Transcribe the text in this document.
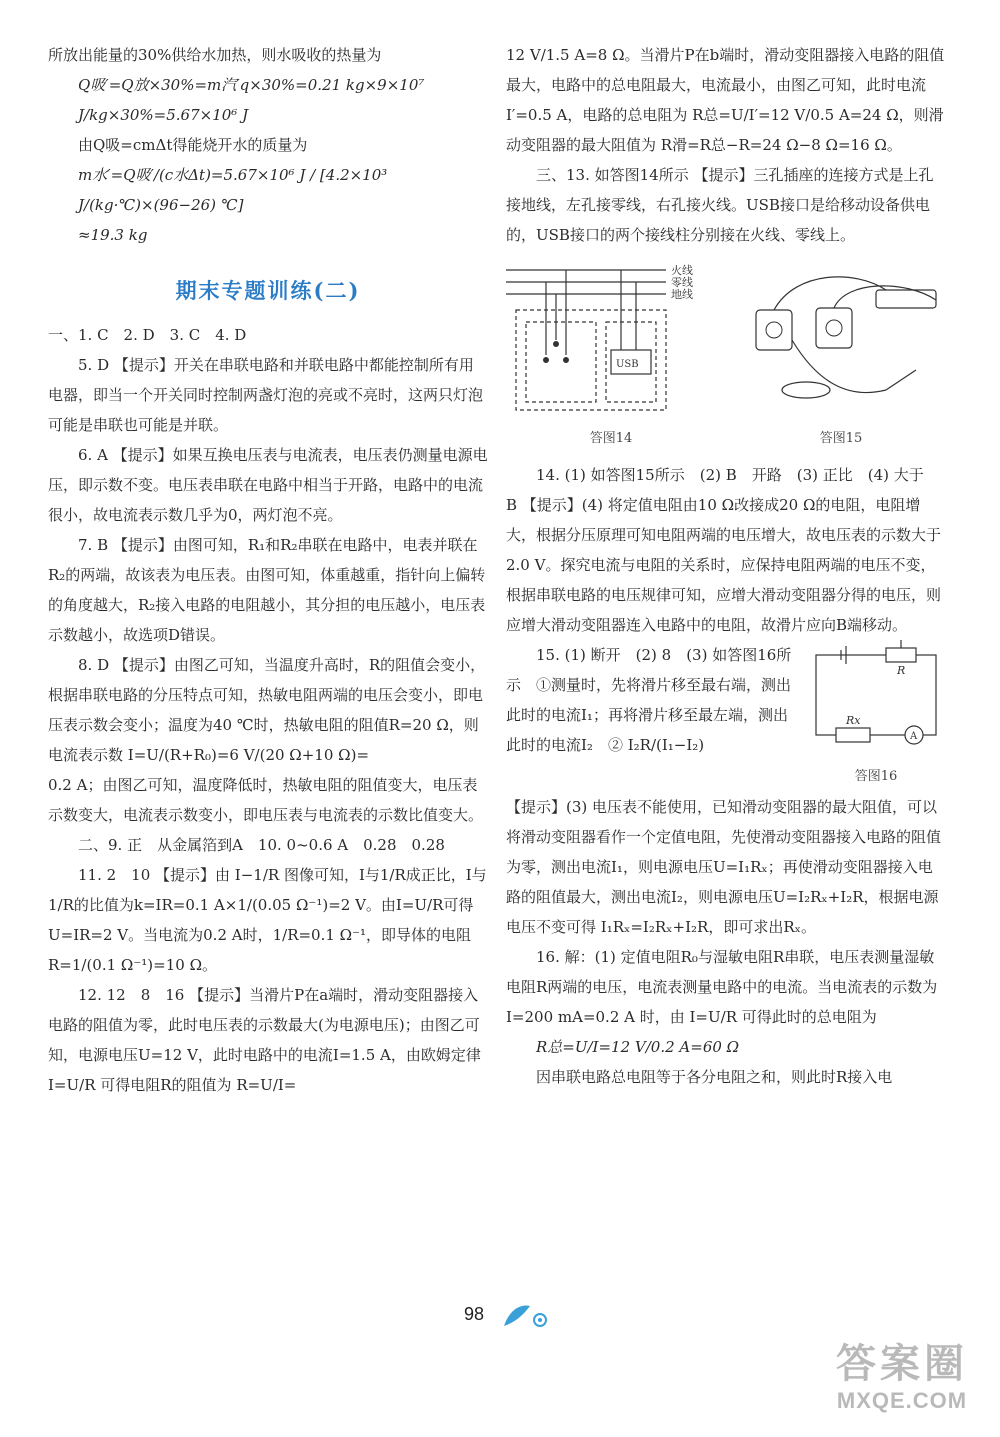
所放出能量的30%供给水加热，则水吸收的热量为

Q吸′=Q放×30%=m汽′q×30%=0.21 kg×9×10⁷ J/kg×30%=5.67×10⁶ J

由Q吸=cmΔt得能烧开水的质量为

m水′=Q吸′/(c水Δt)=5.67×10⁶ J / [4.2×10³ J/(kg·℃)×(96−26) ℃]

≈19.3 kg

期末专题训练(二)

一、1. C　2. D　3. C　4. D

5. D 【提示】开关在串联电路和并联电路中都能控制所有用电器，即当一个开关同时控制两盏灯泡的亮或不亮时，这两只灯泡可能是串联也可能是并联。

6. A 【提示】如果互换电压表与电流表，电压表仍测量电源电压，即示数不变。电压表串联在电路中相当于开路，电路中的电流很小，故电流表示数几乎为0，两灯泡不亮。

7. B 【提示】由图可知，R₁和R₂串联在电路中，电表并联在R₂的两端，故该表为电压表。由图可知，体重越重，指针向上偏转的角度越大，R₂接入电路的电阻越小，其分担的电压越小，电压表示数越小，故选项D错误。

8. D 【提示】由图乙可知，当温度升高时，R的阻值会变小，根据串联电路的分压特点可知，热敏电阻两端的电压会变小，即电压表示数会变小；温度为40 ℃时，热敏电阻的阻值R=20 Ω，则电流表示数 I=U/(R+R₀)=6 V/(20 Ω+10 Ω)=

0.2 A；由图乙可知，温度降低时，热敏电阻的阻值变大，电压表示数变大，电流表示数变小，即电压表与电流表的示数比值变大。

二、9. 正　从金属箔到A　10. 0~0.6 A　0.28　0.28

11. 2　10 【提示】由 I−1/R 图像可知，I与1/R成正比，I与1/R的比值为k=IR=0.1 A×1/(0.05 Ω⁻¹)=2 V。由I=U/R可得U=IR=2 V。当电流为0.2 A时，1/R=0.1 Ω⁻¹，即导体的电阻R=1/(0.1 Ω⁻¹)=10 Ω。

12. 12　8　16 【提示】当滑片P在a端时，滑动变阻器接入电路的阻值为零，此时电压表的示数最大(为电源电压)；由图乙可知，电源电压U=12 V，此时电路中的电流I=1.5 A，由欧姆定律 I=U/R 可得电阻R的阻值为 R=U/I=

12 V/1.5 A=8 Ω。当滑片P在b端时，滑动变阻器接入电路的阻值最大，电路中的总电阻最大，电流最小，由图乙可知，此时电流 I′=0.5 A，电路的总电阻为 R总=U/I′=12 V/0.5 A=24 Ω，则滑动变阻器的最大阻值为 R滑=R总−R=24 Ω−8 Ω=16 Ω。

三、13. 如答图14所示 【提示】三孔插座的连接方式是上孔接地线，左孔接零线，右孔接火线。USB接口是给移动设备供电的，USB接口的两个接线柱分别接在火线、零线上。

火线
零线
地线
USB
答图14	答图15

14. (1) 如答图15所示　(2) B　开路　(3) 正比　(4) 大于　B 【提示】(4) 将定值电阻由10 Ω改接成20 Ω的电阻，电阻增大，根据分压原理可知电阻两端的电压增大，故电压表的示数大于2.0 V。探究电流与电阻的关系时，应保持电阻两端的电压不变，根据串联电路的电压规律可知，应增大滑动变阻器分得的电压，则应增大滑动变阻器连入电路中的电阻，故滑片应向B端移动。

15. (1) 断开　(2) 8　(3) 如答图16所示　①测量时，先将滑片移至最右端，测出此时的电流I₁；再将滑片移至最左端，测出此时的电流I₂　② I₂R/(I₁−I₂)

R
Rx
A
答图16

【提示】(3) 电压表不能使用，已知滑动变阻器的最大阻值，可以将滑动变阻器看作一个定值电阻，先使滑动变阻器接入电路的阻值为零，测出电流I₁，则电源电压U=I₁Rₓ；再使滑动变阻器接入电路的阻值最大，测出电流I₂，则电源电压U=I₂Rₓ+I₂R，根据电源电压不变可得 I₁Rₓ=I₂Rₓ+I₂R，即可求出Rₓ。

16. 解：(1) 定值电阻R₀与湿敏电阻R串联，电压表测量湿敏电阻R两端的电压，电流表测量电路中的电流。当电流表的示数为 I=200 mA=0.2 A 时，由 I=U/R 可得此时的总电阻为

R总=U/I=12 V/0.2 A=60 Ω

因串联电路总电阻等于各分电阻之和，则此时R接入电

98
答案圈
MXQE.COM
